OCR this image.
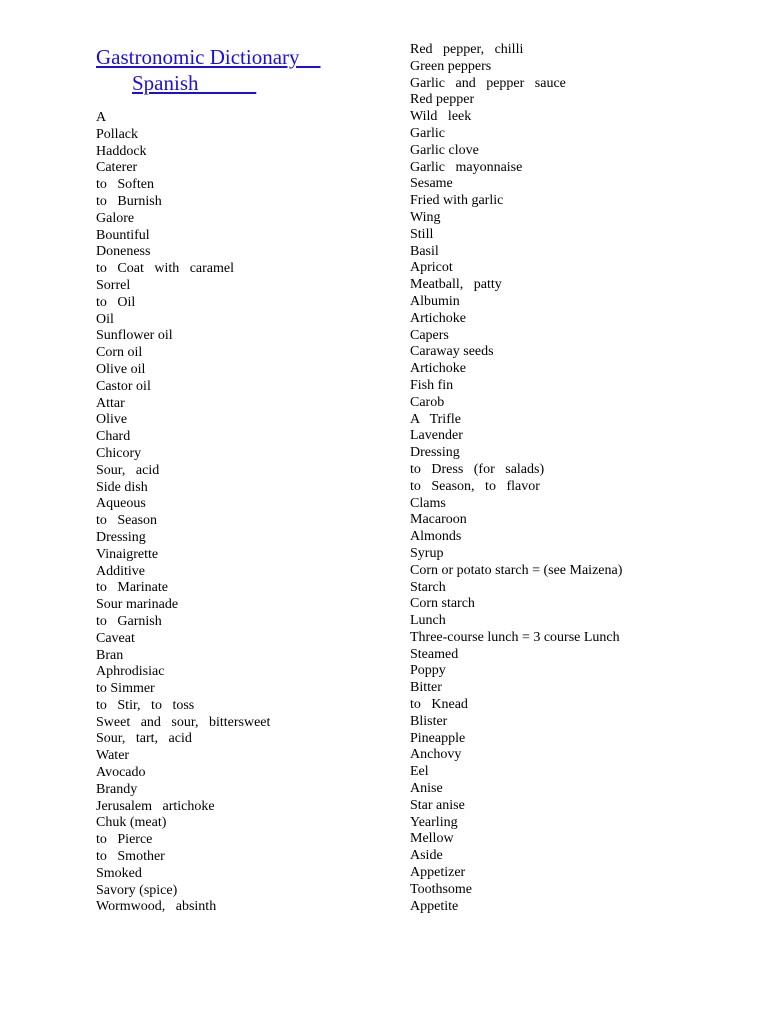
Gastronomic Dictionary
Spanish
A
Pollack
Haddock
Caterer
to   Soften
to   Burnish
Galore
Bountiful
Doneness
to   Coat   with   caramel
Sorrel
to   Oil
Oil
Sunflower oil
Corn oil
Olive oil
Castor oil
Attar
Olive
Chard
Chicory
Sour,   acid
Side dish
Aqueous
to   Season
Dressing
Vinaigrette
Additive
to   Marinate
Sour marinade
to   Garnish
Caveat
Bran
Aphrodisiac
to Simmer
to   Stir,   to   toss
Sweet   and   sour,   bittersweet
Sour,   tart,   acid
Water
Avocado
Brandy
Jerusalem   artichoke
Chuk (meat)
to   Pierce
to   Smother
Smoked
Savory (spice)
Wormwood,   absinth
Red   pepper,   chilli
Green peppers
Garlic   and   pepper   sauce
Red pepper
Wild   leek
Garlic
Garlic clove
Garlic   mayonnaise
Sesame
Fried with garlic
Wing
Still
Basil
Apricot
Meatball,   patty
Albumin
Artichoke
Capers
Caraway seeds
Artichoke
Fish fin
Carob
A   Trifle
Lavender
Dressing
to   Dress   (for   salads)
to   Season,   to   flavor
Clams
Macaroon
Almonds
Syrup
Corn or potato starch = (see Maizena)
Starch
Corn starch
Lunch
Three-course lunch = 3 course Lunch
Steamed
Poppy
Bitter
to   Knead
Blister
Pineapple
Anchovy
Eel
Anise
Star anise
Yearling
Mellow
Aside
Appetizer
Toothsome
Appetite
